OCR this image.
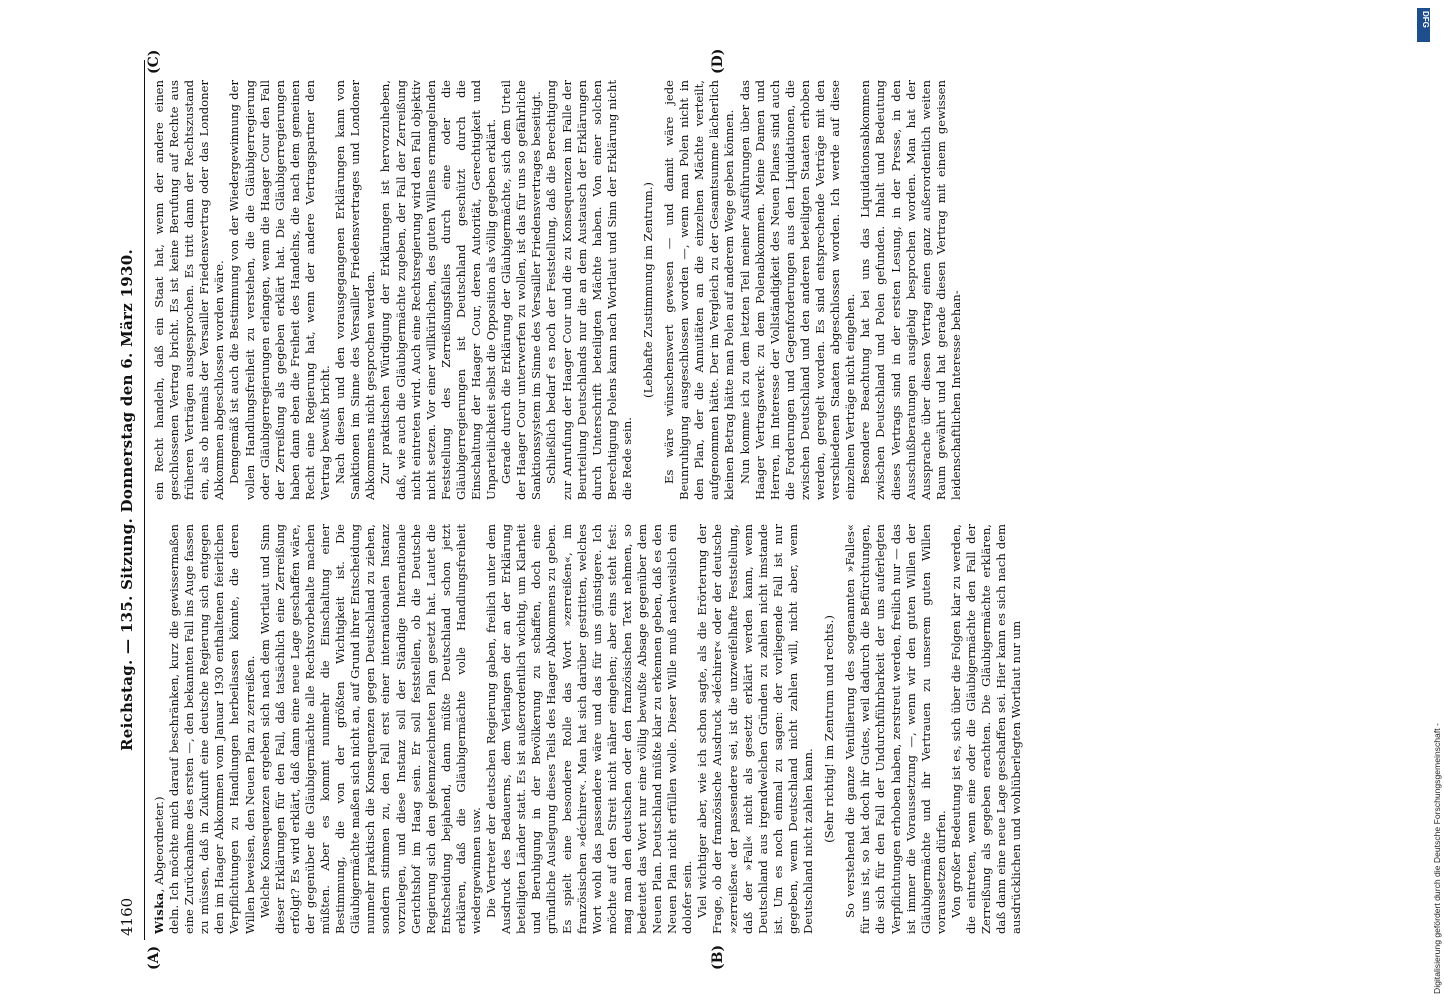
4160
Reichstag. — 135. Sitzung. Donnerstag den 6. März 1930.
(A)	(B)
(C)	(D)

Wiska, Abgeordneter.) deln. Ich möchte mich darauf beschränken, kurz die gewissermaßen eine Zurücknahme des ersten —, den bekannten Fall ins Auge fassen zu müssen, daß in Zukunft eine deutsche Regierung sich entgegen den im Haager Abkommen vom Januar 1930 enthaltenen feierlichen Verpflichtungen zu Handlungen herbeilassen könnte, die deren Willen beweisen, den Neuen Plan zu zerreißen. Welche Konsequenzen ergeben sich nach dem Wortlaut und Sinn dieser Erklärungen für den Fall, daß tatsächlich eine Zerreißung erfolgt? Es wird erklärt, daß dann eine neue Lage geschaffen wäre, der gegenüber die Gläubigermächte alle Rechtsvorbehalte machen müßten. Aber es kommt nunmehr die Einschaltung einer Bestimmung, die von der größten Wichtigkeit ist. Die Gläubigermächte maßen sich nicht an, auf Grund ihrer Entscheidung nunmehr praktisch die Konsequenzen gegen Deutschland zu ziehen, sondern stimmen zu, den Fall erst einer internationalen Instanz vorzulegen, und diese Instanz soll der Ständige Internationale Gerichtshof im Haag sein. Er soll feststellen, ob die Deutsche Regierung sich den gekennzeichneten Plan gesetzt hat. Lautet die Entscheidung bejahend, dann müßte Deutschland schon jetzt erklären, daß die Gläubigermächte volle Handlungsfreiheit wiedergewinnen usw. Die Vertreter der deutschen Regierung gaben, freilich unter dem Ausdruck des Bedauerns, dem Verlangen der an der Erklärung beteiligten Länder statt. Es ist außerordentlich wichtig, um Klarheit und Beruhigung in der Bevölkerung zu schaffen, doch eine gründliche Auslegung dieses Teils des Haager Abkommens zu geben. Es spielt eine besondere Rolle das Wort »zerreißen«, im französischen »déchirer«. Man hat sich darüber gestritten, welches Wort wohl das passendere wäre und das für uns günstigere. Ich möchte auf den Streit nicht näher eingehen; aber eins steht fest: mag man den deutschen oder den französischen Text nehmen, so bedeutet das Wort nur eine völlig bewußte Absage gegenüber dem Neuen Plan. Deutschland müßte klar zu erkennen geben, daß es den Neuen Plan nicht erfüllen wolle. Dieser Wille muß nachweislich ein dolofer sein. Viel wichtiger aber, wie ich schon sagte, als die Erörterung der Frage, ob der französische Ausdruck »déchirer« oder der deutsche »zerreißen« der passendere sei, ist die unzweifelhafte Feststellung, daß der »Fall« nicht als gesetzt erklärt werden kann, wenn Deutschland aus irgendwelchen Gründen zu zahlen nicht imstande ist. Um es noch einmal zu sagen: der vorliegende Fall ist nur gegeben, wenn Deutschland nicht zahlen will, nicht aber, wenn Deutschland nicht zahlen kann. (Sehr richtig! im Zentrum und rechts.) So verstehend die ganze Ventilierung des sogenannten »Falles« für uns ist, so hat doch ihr Gutes, weil dadurch die Befürchtungen, die sich für den Fall der Undurchführbarkeit der uns auferlegten Verpflichtungen erhoben haben, zerstreut werden, freilich nur — das ist immer die Voraussetzung —, wenn wir den guten Willen der Gläubigermächte und ihr Vertrauen zu unserem guten Willen voraussetzen dürfen. Von großer Bedeutung ist es, sich über die Folgen klar zu werden, die eintreten, wenn eine oder die Gläubigermächte den Fall der Zerreißung als gegeben erachten. Die Gläubigermächte erklären, daß dann eine neue Lage geschaffen sei. Hier kann es sich nach dem ausdrücklichen und wohlüberlegten Wortlaut nur um

ein Recht handeln, daß ein Staat hat, wenn der andere einen geschlossenen Vertrag bricht. Es ist keine Berufung auf Rechte aus früheren Verträgen ausgesprochen. Es tritt dann der Rechtszustand ein, als ob niemals der Versailler Friedensvertrag oder das Londoner Abkommen abgeschlossen worden wäre. Demgemäß ist auch die Bestimmung von der Wiedergewinnung der vollen Handlungsfreiheit zu verstehen, die die Gläubigerregierung oder Gläubigerregierungen erlangen, wenn die Haager Cour den Fall der Zerreißung als gegeben erklärt hat. Die Gläubigerregierungen haben dann eben die Freiheit des Handelns, die nach dem gemeinen Recht eine Regierung hat, wenn der andere Vertragspartner den Vertrag bewußt bricht. Nach diesen und den vorausgegangenen Erklärungen kann von Sanktionen im Sinne des Versailler Friedensvertrages und Londoner Abkommens nicht gesprochen werden. Zur praktischen Würdigung der Erklärungen ist hervorzuheben, daß, wie auch die Gläubigermächte zugeben, der Fall der Zerreißung nicht eintreten wird. Auch eine Rechtsregierung wird den Fall objektiv nicht setzen. Vor einer willkürlichen, des guten Willens ermangelnden Feststellung des Zerreißungsfalles durch eine oder die Gläubigerregierungen ist Deutschland geschützt durch die Einschaltung der Haager Cour, deren Autorität, Gerechtigkeit und Unparteilichkeit selbst die Opposition als völlig gegeben erklärt. Gerade durch die Erklärung der Gläubigermächte, sich dem Urteil der Haager Cour unterwerfen zu wollen, ist das für uns so gefährliche Sanktionssystem im Sinne des Versailler Friedensvertrages beseitigt. Schließlich bedarf es noch der Feststellung, daß die Berechtigung zur Anrufung der Haager Cour und die zu Konsequenzen im Falle der Beurteilung Deutschlands nur die an dem Austausch der Erklärungen durch Unterschrift beteiligten Mächte haben. Von einer solchen Berechtigung Polens kann nach Wortlaut und Sinn der Erklärung nicht die Rede sein.

(Lebhafte Zustimmung im Zentrum.) Es wäre wünschenswert gewesen — und damit wäre jede Beunruhigung ausgeschlossen worden —, wenn man Polen nicht in den Plan, der die Annuitäten an die einzelnen Mächte verteilt, aufgenommen hätte. Der im Vergleich zu der Gesamtsumme lächerlich kleinen Betrag hätte man Polen auf anderem Wege geben können. Nun komme ich zu dem letzten Teil meiner Ausführungen über das Haager Vertragswerk: zu dem Polenabkommen. Meine Damen und Herren, im Interesse der Vollständigkeit des Neuen Planes sind auch die Forderungen und Gegenforderungen aus den Liquidationen, die zwischen Deutschland und den anderen beteiligten Staaten erhoben werden, geregelt worden. Es sind entsprechende Verträge mit den verschiedenen Staaten abgeschlossen worden. Ich werde auf diese einzelnen Verträge nicht eingehen. Besondere Beachtung hat bei uns das Liquidationsabkommen zwischen Deutschland und Polen gefunden. Inhalt und Bedeutung dieses Vertrags sind in der ersten Lesung, in der Presse, in den Ausschußberatungen ausgiebig besprochen worden. Man hat der Aussprache über diesen Vertrag einen ganz außerordentlich weiten Raum gewährt und hat gerade diesen Vertrag mit einem gewissen leidenschaftlichen Interesse behan-

Digitalisierung gefördert durch die Deutsche Forschungsgemeinschaft -
DFG
